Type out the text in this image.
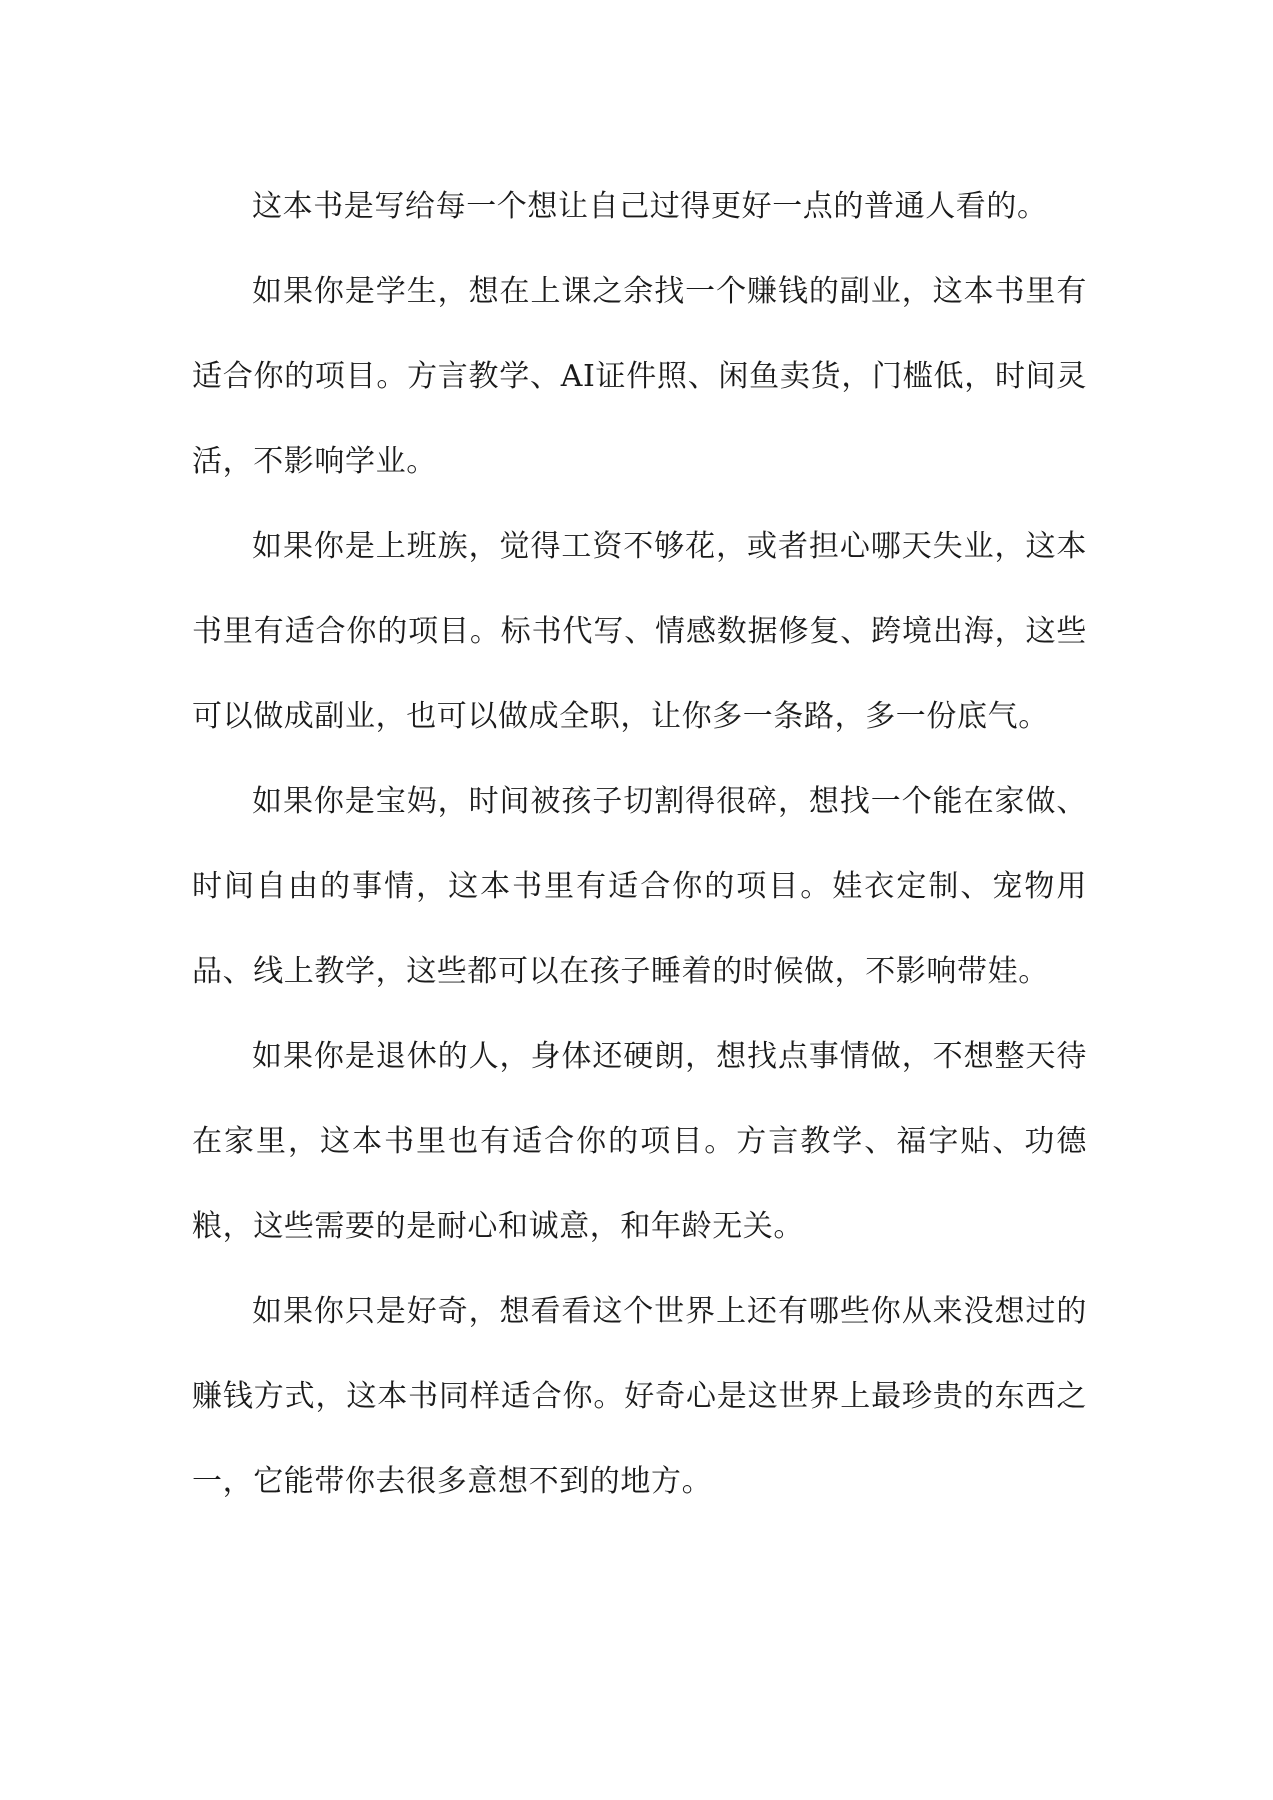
这本书是写给每一个想让自己过得更好一点的普通人看的。

如果你是学生，想在上课之余找一个赚钱的副业，这本书里有适合你的项目。方言教学、AI证件照、闲鱼卖货，门槛低，时间灵活，不影响学业。

如果你是上班族，觉得工资不够花，或者担心哪天失业，这本书里有适合你的项目。标书代写、情感数据修复、跨境出海，这些可以做成副业，也可以做成全职，让你多一条路，多一份底气。

如果你是宝妈，时间被孩子切割得很碎，想找一个能在家做、时间自由的事情，这本书里有适合你的项目。娃衣定制、宠物用品、线上教学，这些都可以在孩子睡着的时候做，不影响带娃。

如果你是退休的人，身体还硬朗，想找点事情做，不想整天待在家里，这本书里也有适合你的项目。方言教学、福字贴、功德粮，这些需要的是耐心和诚意，和年龄无关。

如果你只是好奇，想看看这个世界上还有哪些你从来没想过的赚钱方式，这本书同样适合你。好奇心是这世界上最珍贵的东西之一，它能带你去很多意想不到的地方。
